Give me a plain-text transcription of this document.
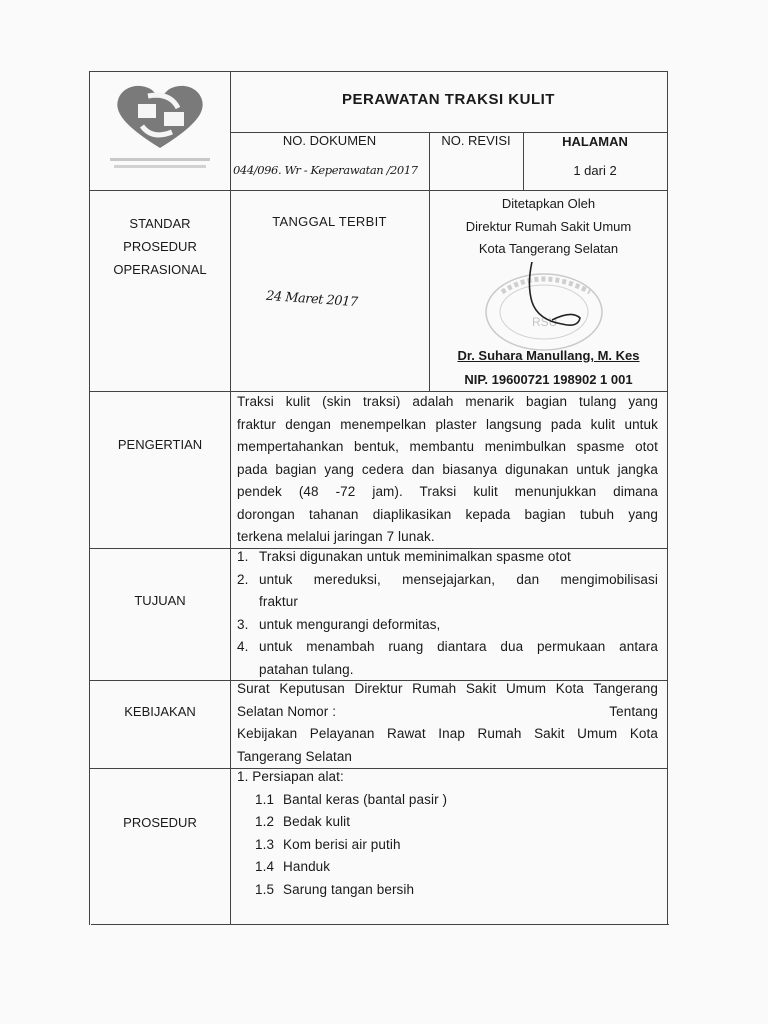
PERAWATAN TRAKSI KULIT
NO. DOKUMEN
044/096. Wr - Keperawatan /2017
NO. REVISI	HALAMAN
1 dari 2
STANDAR
PROSEDUR
OPERASIONAL
TANGGAL TERBIT
24 Maret 2017
Ditetapkan Oleh
Direktur Rumah Sakit Umum
Kota Tangerang Selatan
RSU
Dr. Suhara Manullang, M. Kes
NIP. 19600721 198902 1 001
PENGERTIAN
Traksi kulit (skin traksi) adalah menarik bagian tulang yang
fraktur dengan menempelkan plaster langsung pada kulit untuk
mempertahankan bentuk, membantu menimbulkan spasme otot
pada bagian yang cedera dan biasanya digunakan untuk jangka
pendek (48 -72 jam). Traksi kulit menunjukkan dimana
dorongan tahanan diaplikasikan kepada bagian tubuh yang
terkena melalui jaringan 7 lunak.
TUJUAN
1. Traksi digunakan untuk meminimalkan spasme otot
2. untuk mereduksi, mensejajarkan, dan mengimobilisasi
fraktur
3. untuk mengurangi deformitas,
4. untuk menambah ruang diantara dua permukaan antara
patahan tulang.
KEBIJAKAN
Surat Keputusan Direktur Rumah Sakit Umum Kota Tangerang
Selatan Nomor :	Tentang
Kebijakan Pelayanan Rawat Inap Rumah Sakit Umum Kota
Tangerang Selatan
PROSEDUR
1. Persiapan alat:
1.1 Bantal keras (bantal pasir )
1.2 Bedak kulit
1.3 Kom berisi air putih
1.4 Handuk
1.5 Sarung tangan bersih
